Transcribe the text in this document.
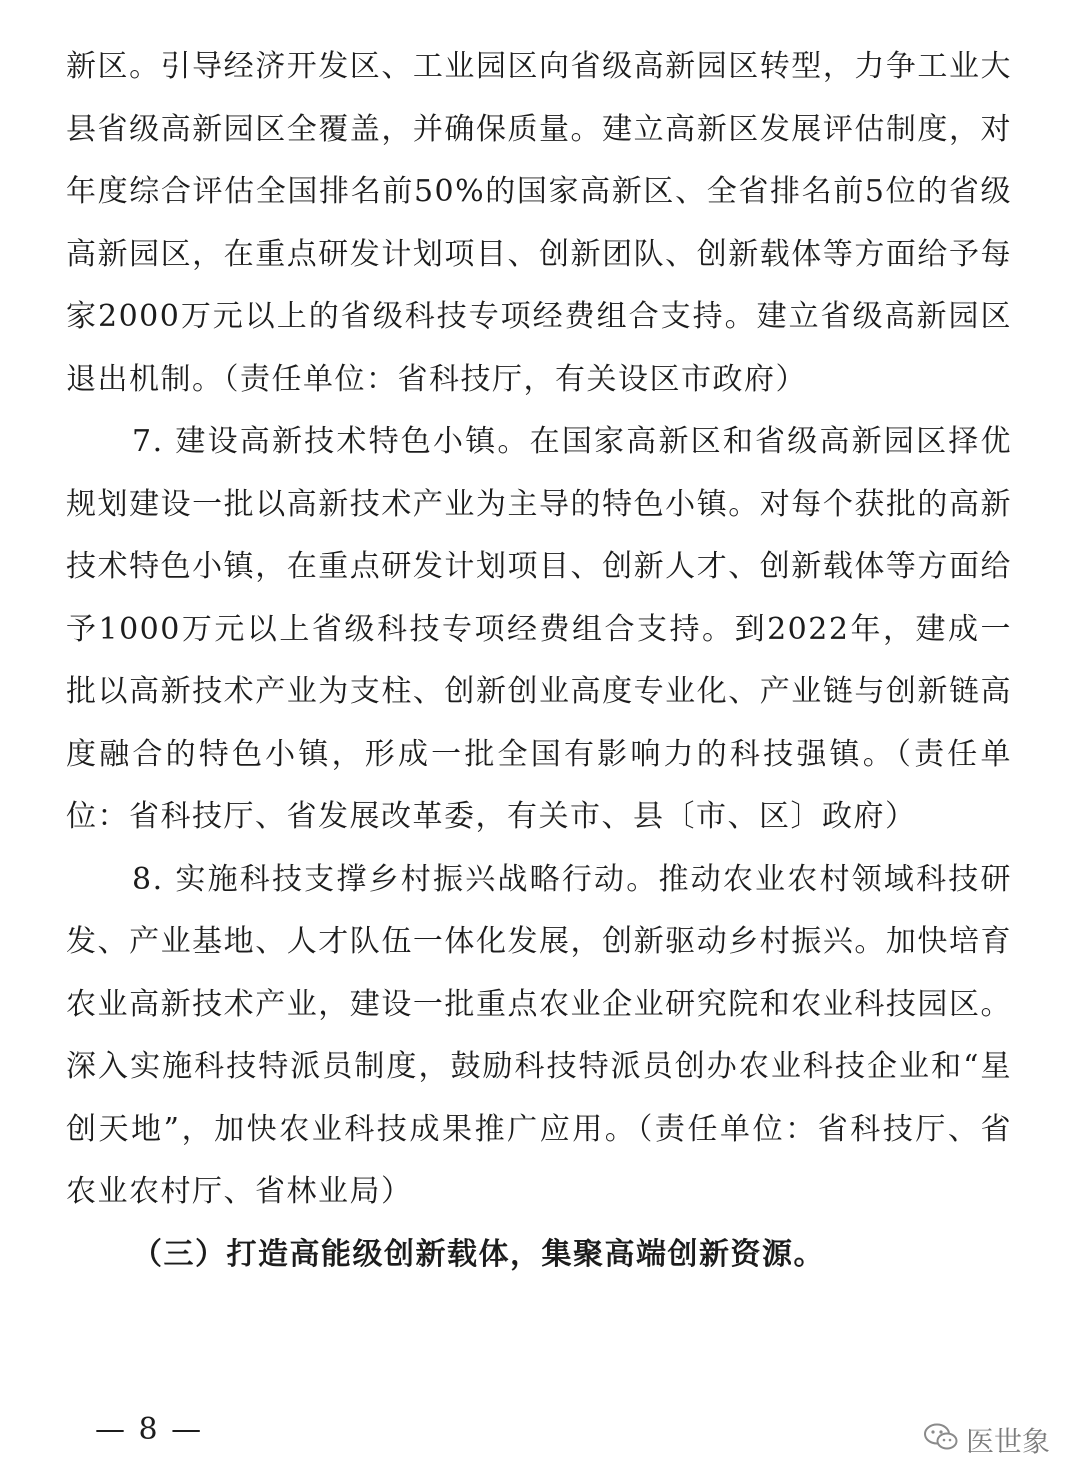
新区。引导经济开发区、工业园区向省级高新园区转型，力争工业大县省级高新园区全覆盖，并确保质量。建立高新区发展评估制度，对年度综合评估全国排名前50%的国家高新区、全省排名前5位的省级高新园区，在重点研发计划项目、创新团队、创新载体等方面给予每家2000万元以上的省级科技专项经费组合支持。建立省级高新园区退出机制。（责任单位：省科技厅，有关设区市政府）

7. 建设高新技术特色小镇。在国家高新区和省级高新园区择优规划建设一批以高新技术产业为主导的特色小镇。对每个获批的高新技术特色小镇，在重点研发计划项目、创新人才、创新载体等方面给予1000万元以上省级科技专项经费组合支持。到2022年，建成一批以高新技术产业为支柱、创新创业高度专业化、产业链与创新链高度融合的特色小镇，形成一批全国有影响力的科技强镇。（责任单位：省科技厅、省发展改革委，有关市、县〔市、区〕政府）

8. 实施科技支撑乡村振兴战略行动。推动农业农村领域科技研发、产业基地、人才队伍一体化发展，创新驱动乡村振兴。加快培育农业高新技术产业，建设一批重点农业企业研究院和农业科技园区。深入实施科技特派员制度，鼓励科技特派员创办农业科技企业和“星创天地”，加快农业科技成果推广应用。（责任单位：省科技厅、省农业农村厅、省林业局）

（三）打造高能级创新载体，集聚高端创新资源。

— 8 —	医世象
